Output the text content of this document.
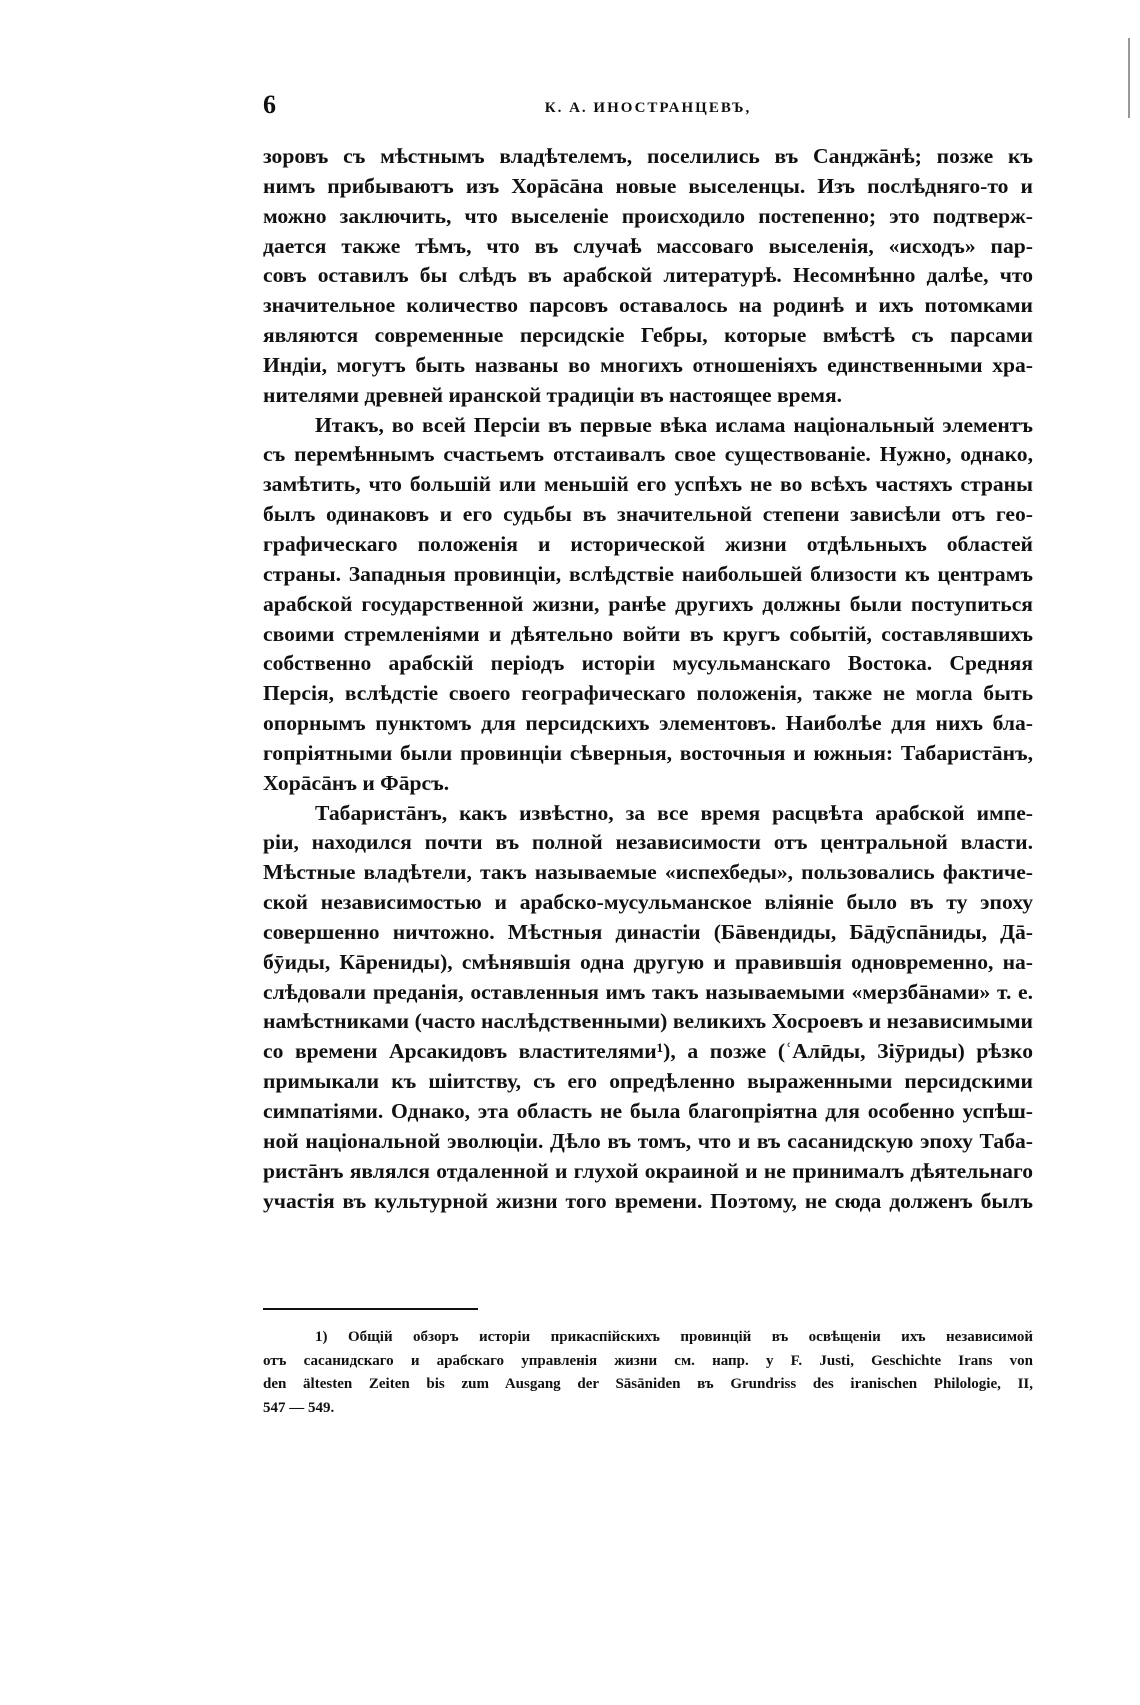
6	К. А. ИНОСТРАНЦЕВЪ,
зоровъ съ мѣстнымъ владѣтелемъ, поселились въ Санджāнѣ; позже къ
нимъ прибываютъ изъ Хорāсāна новые выселенцы. Изъ послѣдняго-то и
можно заключить, что выселеніе происходило постепенно; это подтверж-
дается также тѣмъ, что въ случаѣ массоваго выселенія, «исходъ» пар-
совъ оставилъ бы слѣдъ въ арабской литературѣ. Несомнѣнно далѣе, что
значительное количество парсовъ оставалось на родинѣ и ихъ потомками
являются современные персидскіе Гебры, которые вмѣстѣ съ парсами
Индіи, могутъ быть названы во многихъ отношеніяхъ единственными хра-
нителями древней иранской традиціи въ настоящее время.
Итакъ, во всей Персіи въ первые вѣка ислама національный элементъ
съ перемѣннымъ счастьемъ отстаивалъ свое существованіе. Нужно, однако,
замѣтить, что большій или меньшій его успѣхъ не во всѣхъ частяхъ страны
былъ одинаковъ и его судьбы въ значительной степени зависѣли отъ гео-
графическаго положенія и исторической жизни отдѣльныхъ областей
страны. Западныя провинціи, вслѣдствіе наибольшей близости къ центрамъ
арабской государственной жизни, ранѣе другихъ должны были поступиться
своими стремленіями и дѣятельно войти въ кругъ событій, составлявшихъ
собственно арабскій періодъ исторіи мусульманскаго Востока. Средняя
Персія, вслѣдстіе своего географическаго положенія, также не могла быть
опорнымъ пунктомъ для персидскихъ элементовъ. Наиболѣе для нихъ бла-
гопріятными были провинціи сѣверныя, восточныя и южныя: Табаристāнъ,
Хорāсāнъ и Фāрсъ.
Табаристāнъ, какъ извѣстно, за все время расцвѣта арабской импе-
ріи, находился почти въ полной независимости отъ центральной власти.
Мѣстные владѣтели, такъ называемые «испехбеды», пользовались фактиче-
ской независимостью и арабско-мусульманское вліяніе было въ ту эпоху
совершенно ничтожно. Мѣстныя династіи (Бāвендиды, Бāдӯспāниды, Дā-
бӯиды, Кāрениды), смѣнявшія одна другую и правившія одновременно, на-
слѣдовали преданія, оставленныя имъ такъ называемыми «мерзбāнами» т. е.
намѣстниками (часто наслѣдственными) великихъ Хосроевъ и независимыми
со времени Арсакидовъ властителями¹), а позже (ʿАлӣды, Зіӯриды) рѣзко
примыкали къ шіитству, съ его опредѣленно выраженными персидскими
симпатіями. Однако, эта область не была благопріятна для особенно успѣш-
ной національной эволюціи. Дѣло въ томъ, что и въ сасанидскую эпоху Таба-
ристāнъ являлся отдаленной и глухой окраиной и не принималъ дѣятельнаго
участія въ культурной жизни того времени. Поэтому, не сюда долженъ былъ
1) Общій обзоръ исторіи прикаспійскихъ провинцій въ освѣщеніи ихъ независимой
отъ сасанидскаго и арабскаго управленія жизни см. напр. у F. Justi, Geschichte Irans von
den ältesten Zeiten bis zum Ausgang der Sāsāniden въ Grundriss des iranischen Philologie, II,
547 — 549.
